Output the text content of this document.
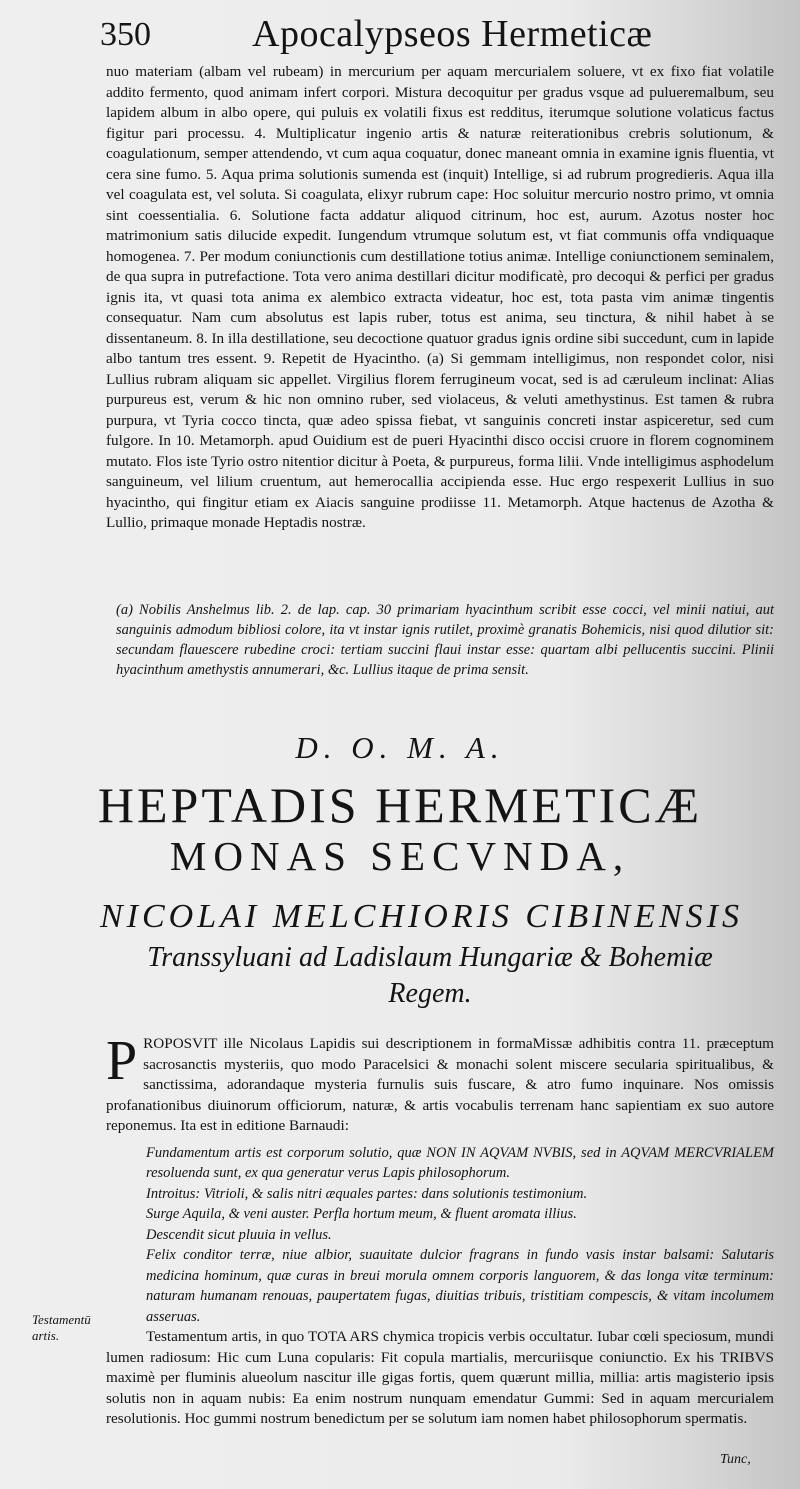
350	Apocalypseos Hermeticæ

nuo materiam (albam vel rubeam) in mercurium per aquam mercurialem soluere, vt ex fixo fiat volatile addito fermento, quod animam infert corpori. Mistura decoquitur per gradus vsque ad pulueremalbum, seu lapidem album in albo opere, qui puluis ex volatili fixus est redditus, iterumque solutione volaticus factus figitur pari processu. 4. Multiplicatur ingenio artis & naturæ reiterationibus crebris solutionum, & coagulationum, semper attendendo, vt cum aqua coquatur, donec maneant omnia in examine ignis fluentia, vt cera sine fumo. 5. Aqua prima solutionis sumenda est (inquit) Intellige, si ad rubrum progredieris. Aqua illa vel coagulata est, vel soluta. Si coagulata, elixyr rubrum cape: Hoc soluitur mercurio nostro primo, vt omnia sint coessentialia. 6. Solutione facta addatur aliquod citrinum, hoc est, aurum. Azotus noster hoc matrimonium satis dilucide expedit. Iungendum vtrumque solutum est, vt fiat communis offa vndiquaque homogenea. 7. Per modum coniunctionis cum destillatione totius animæ. Intellige coniunctionem seminalem, de qua supra in putrefactione. Tota vero anima destillari dicitur modificatè, pro decoqui & perfici per gradus ignis ita, vt quasi tota anima ex alembico extracta videatur, hoc est, tota pasta vim animæ tingentis consequatur. Nam cum absolutus est lapis ruber, totus est anima, seu tinctura, & nihil habet à se dissentaneum. 8. In illa destillatione, seu decoctione quatuor gradus ignis ordine sibi succedunt, cum in lapide albo tantum tres essent. 9. Repetit de Hyacintho. (a) Si gemmam intelligimus, non respondet color, nisi Lullius rubram aliquam sic appellet. Virgilius florem ferrugineum vocat, sed is ad cæruleum inclinat: Alias purpureus est, verum & hic non omnino ruber, sed violaceus, & veluti amethystinus. Est tamen & rubra purpura, vt Tyria cocco tincta, quæ adeo spissa fiebat, vt sanguinis concreti instar aspiceretur, sed cum fulgore. In 10. Metamorph. apud Ouidium est de pueri Hyacinthi disco occisi cruore in florem cognominem mutato. Flos iste Tyrio ostro nitentior dicitur à Poeta, & purpureus, forma lilii. Vnde intelligimus asphodelum sanguineum, vel lilium cruentum, aut hemerocallia accipienda esse. Huc ergo respexerit Lullius in suo hyacintho, qui fingitur etiam ex Aiacis sanguine prodiisse 11. Metamorph. Atque hactenus de Azotha & Lullio, primaque monade Heptadis nostræ.

(a) Nobilis Anshelmus lib. 2. de lap. cap. 30 primariam hyacinthum scribit esse cocci, vel minii natiui, aut sanguinis admodum bibliosi colore, ita vt instar ignis rutilet, proximè granatis Bohemicis, nisi quod dilutior sit: secundam flauescere rubedine croci: tertiam succini flaui instar esse: quartam albi pellucentis succini. Plinii hyacinthum amethystis annumerari, &c. Lullius itaque de prima sensit.

D. O. M. A.
HEPTADIS HERMETICÆ
MONAS SECVNDA,
NICOLAI MELCHIORIS CIBINENSIS
Transsyluani ad Ladislaum Hungariæ & Bohemiæ Regem.

PROPOSVIT ille Nicolaus Lapidis sui descriptionem in formaMissæ adhibitis contra 11. præceptum sacrosanctis mysteriis, quo modo Paracelsici & monachi solent miscere secularia spiritualibus, & sanctissima, adorandaque mysteria furnulis suis fuscare, & atro fumo inquinare. Nos omissis profanationibus diuinorum officiorum, naturæ, & artis vocabulis terrenam hanc sapientiam ex suo autore reponemus. Ita est in editione Barnaudi:

Fundamentum artis est corporum solutio, quæ NON IN AQVAM NVBIS, sed in AQVAM MERCVRIALEM resoluenda sunt, ex qua generatur verus Lapis philosophorum.
Introitus: Vitrioli, & salis nitri æquales partes: dans solutionis testimonium.
Surge Aquila, & veni auster. Perfla hortum meum, & fluent aromata illius.
Descendit sicut pluuia in vellus.
Felix conditor terræ, niue albior, suauitate dulcior fragrans in fundo vasis instar balsami: Salutaris medicina hominum, quæ curas in breui morula omnem corporis languorem, & das longa vitæ terminum: naturam humanam renouas, paupertatem fugas, diuitias tribuis, tristitiam compescis, & vitam incolumem asseruas.

Testamentum artis, in quo TOTA ARS chymica tropicis verbis occultatur. Iubar cœli speciosum, mundi lumen radiosum: Hic cum Luna copularis: Fit copula martialis, mercuriisque coniunctio. Ex his TRIBVS maximè per fluminis alueolum nascitur ille gigas fortis, quem quærunt millia, millia: artis magisterio ipsis solutis non in aquam nubis: Ea enim nostrum nunquam emendatur Gummi: Sed in aquam mercurialem resolutionis. Hoc gummi nostrum benedictum per se solutum iam nomen habet philosophorum spermatis.

Testamentū artis.
Tunc,
